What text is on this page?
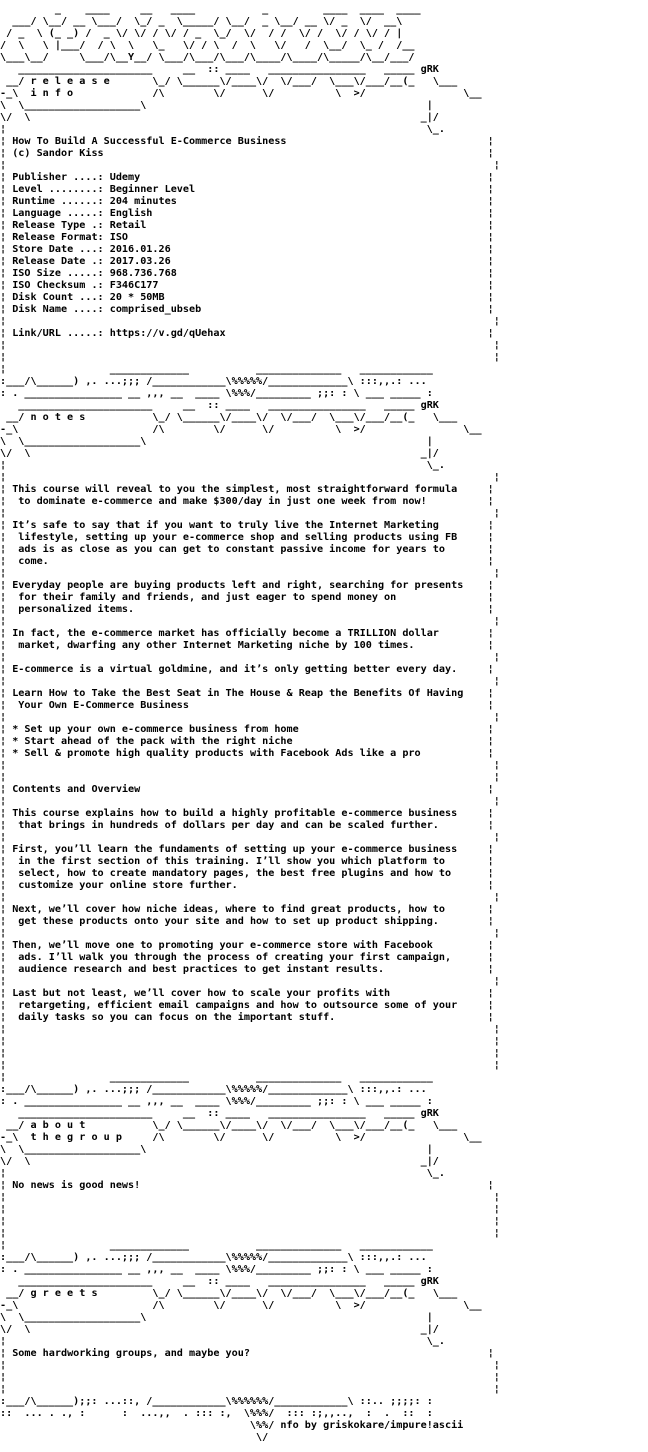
_    ____     __   ____           _         ____  ____  ____
___/ \__/ __ \___/  \_/ _  \_____/ \__/  _ \__/ __ \/ _  \/  __\
/ _  \ (_ _) /  _ \/ \/ / \/ / _  \_/  \/  / /  \/ /  \/ / \/ / |
/  \   \ |___/  / \  \   \_   \/ / \  /  \   \/   /  \__/  \_ /  /__
\___\__/     \___/\__Y__/ \___/\___/\___/\____/\____/\_____/\__/___/
______________________     __  :: ____   ________________   _____ gRK
__/ r e l e a s e       \_/ \______\/____\/  \/___/  \___\/___/__(_   \___
-_\  i n f o             /\        \/      \/          \  >/                \__
\  \___________________\                                              |
\/  \                                                                _|/
¦                                                                     \_.
¦ How To Build A Successful E-Commerce Business	¦
¦ (c) Sandor Kiss	¦
¦                                                                                ¦
¦ Publisher ....: Udemy	¦
¦ Level ........: Beginner Level	¦
¦ Runtime ......: 204 minutes	¦
¦ Language .....: English	¦
¦ Release Type .: Retail	¦
¦ Release Format: ISO	¦
¦ Store Date ...: 2016.01.26	¦
¦ Release Date .: 2017.03.26	¦
¦ ISO Size .....: 968.736.768	¦
¦ ISO Checksum .: F346C177	¦
¦ Disk Count ...: 20 * 50MB	¦
¦ Disk Name ....: comprised_ubseb	¦
¦                                                                                ¦
¦ Link/URL .....: https://v.gd/qUehax	¦
¦                                                                                ¦
¦                                                                                ¦
¦                 _____________           ______________   ____________
:___/\______) ,. ...;;; /____________\%%%%%/_____________\ :::,,.: ...
: . ________________ __ ,,, __  ____ \%%%/_________ ;;: : \ ___ _____ :
______________________     __  :: ____   ________________   _____ gRK
__/ n o t e s           \_/ \______\/____\/  \/___/  \___\/___/__(_   \___
-_\	/\        \/      \/          \  >/                \__
\  \___________________\                                              |
\/  \                                                                _|/
¦                                                                     \_.
¦                                                                                ¦
¦ This course will reveal to you the simplest, most straightforward formula	¦
¦  to dominate e-commerce and make $300/day in just one week from now!	¦
¦                                                                                ¦
¦ Itʼs safe to say that if you want to truly live the Internet Marketing	¦
¦  lifestyle, setting up your e-commerce shop and selling products using FB	¦
¦  ads is as close as you can get to constant passive income for years to	¦
¦  come.	¦
¦                                                                                ¦
¦ Everyday people are buying products left and right, searching for presents    ¦
¦  for their family and friends, and just eager to spend money on	¦
¦  personalized items.	¦
¦                                                                                ¦
¦ In fact, the e-commerce market has officially become a TRILLION dollar	¦
¦  market, dwarfing any other Internet Marketing niche by 100 times.	¦
¦                                                                                ¦
¦ E-commerce is a virtual goldmine, and itʼs only getting better every day.	¦
¦                                                                                ¦
¦ Learn How to Take the Best Seat in The House & Reap the Benefits Of Having    ¦
¦  Your Own E-Commerce Business	¦
¦                                                                                ¦
¦ * Set up your own e-commerce business from home	¦
¦ * Start ahead of the pack with the right niche	¦
¦ * Sell & promote high quality products with Facebook Ads like a pro	¦
¦                                                                                ¦
¦                                                                                ¦
¦ Contents and Overview	¦
¦                                                                                ¦
¦ This course explains how to build a highly profitable e-commerce business	¦
¦  that brings in hundreds of dollars per day and can be scaled further.	¦
¦                                                                                ¦
¦ First, youʼll learn the fundaments of setting up your e-commerce business	¦
¦  in the first section of this training. Iʼll show you which platform to	¦
¦  select, how to create mandatory pages, the best free plugins and how to	¦
¦  customize your online store further.	¦
¦                                                                                ¦
¦ Next, weʼll cover how niche ideas, where to find great products, how to	¦
¦  get these products onto your site and how to set up product shipping.	¦
¦                                                                                ¦
¦ Then, weʼll move one to promoting your e-commerce store with Facebook	¦
¦  ads. Iʼll walk you through the process of creating your first campaign,	¦
¦  audience research and best practices to get instant results.	¦
¦                                                                                ¦
¦ Last but not least, weʼll cover how to scale your profits with	¦
¦  retargeting, efficient email campaigns and how to outsource some of your	¦
¦  daily tasks so you can focus on the important stuff.	¦
¦                                                                                ¦
¦                                                                                ¦
¦                                                                                ¦
¦                                                                                ¦
¦                 _____________           ______________   ____________
:___/\______) ,. ...;;; /____________\%%%%%/_____________\ :::,,.: ...
: . ________________ __ ,,, __  ____ \%%%/_________ ;;: : \ ___ _____ :
______________________     __  :: ____   ________________   _____ gRK
__/ a b o u t           \_/ \______\/____\/  \/___/  \___\/___/__(_   \___
-_\  t h e g r o u p     /\        \/      \/          \  >/                \__
\  \___________________\                                              |
\/  \                                                                _|/
¦                                                                     \_.
¦ No news is good news!	¦
¦                                                                                ¦
¦                                                                                ¦
¦                                                                                ¦
¦                                                                                ¦
¦                 _____________           ______________   ____________
:___/\______) ,. ...;;; /____________\%%%%%/_____________\ :::,,.: ...
: . ________________ __ ,,, __  ____ \%%%/_________ ;;: : \ ___ _____ :
______________________     __  :: ____   ________________   _____ gRK
__/ g r e e t s         \_/ \______\/____\/  \/___/  \___\/___/__(_   \___
-_\	/\        \/      \/          \  >/                \__
\  \___________________\                                              |
\/  \                                                                _|/
¦                                                                     \_.
¦ Some hardworking groups, and maybe you?	¦
¦                                                                                ¦
¦                                                                                ¦
¦                                                                                ¦
:___/\______);;: ...::, /____________\%%%%%%/____________\ ::.. ;;;;: :
::  ... . ., :      :  ...,,  . ::: :,  \%%%/  ::: :;,,..,  :  .  ::  :
\%%/ nfo by griskokare/impure!ascii
\/
